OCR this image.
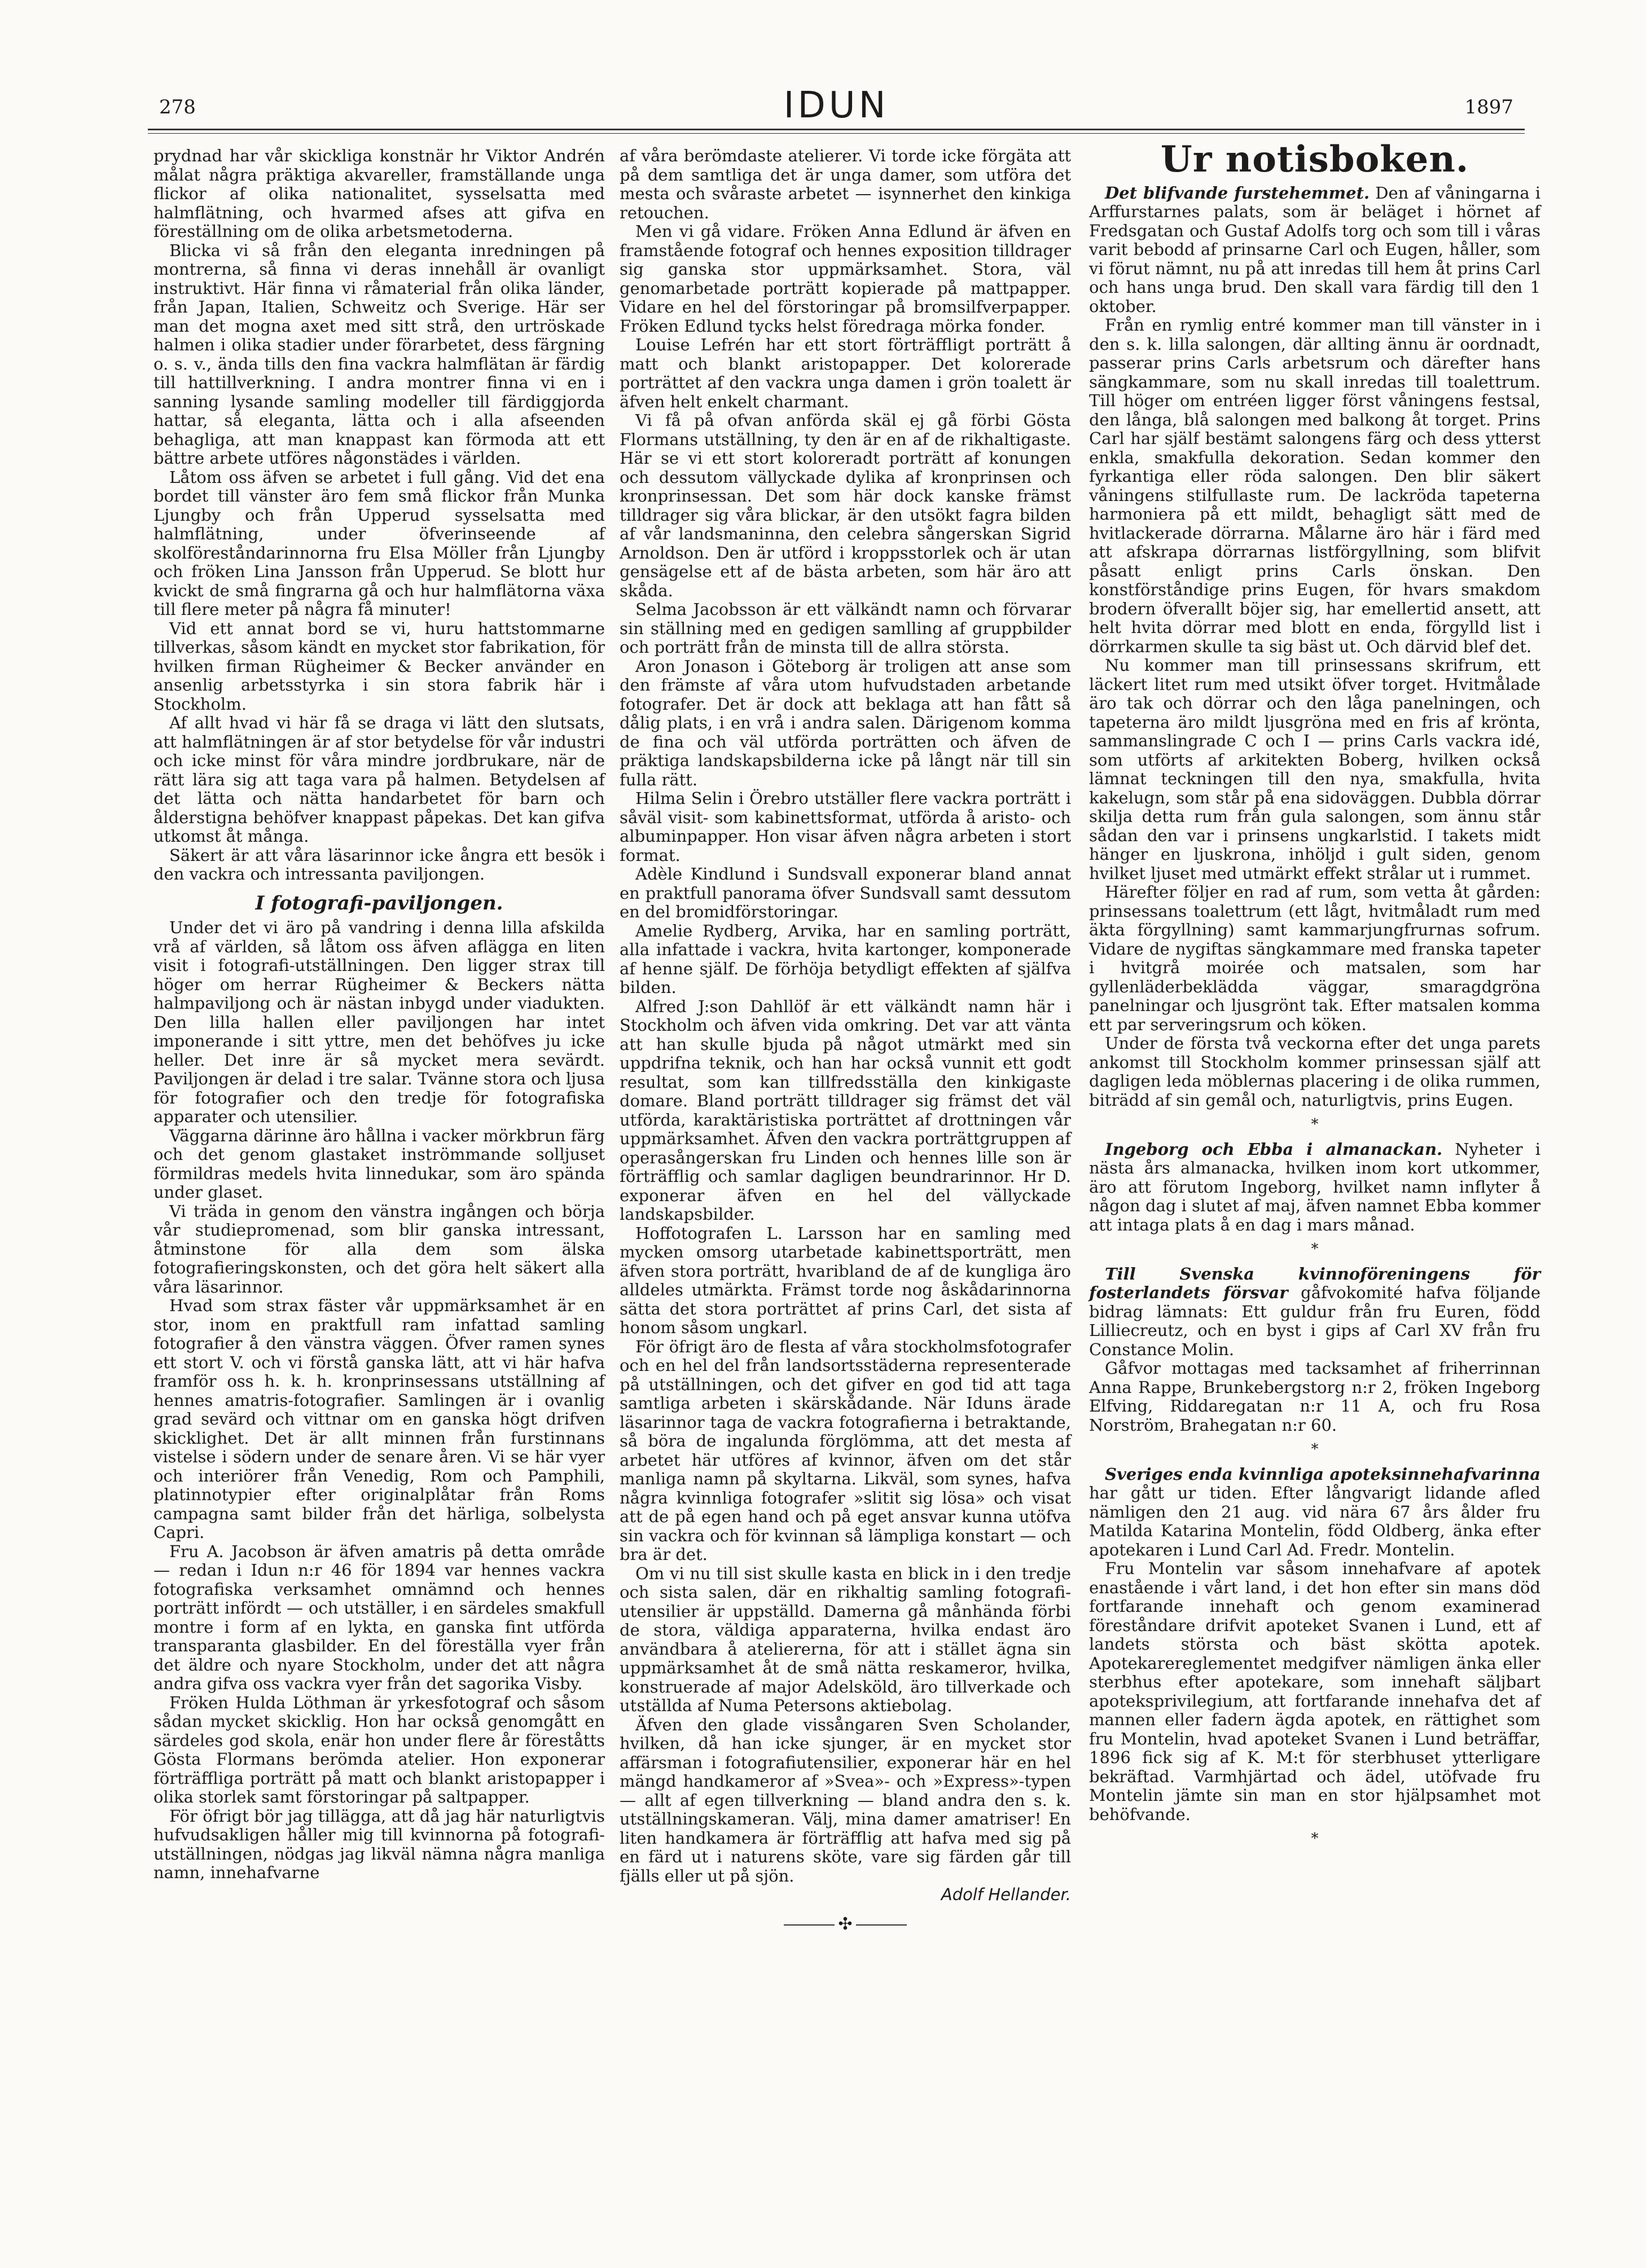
278	IDUN	1897

prydnad har vår skickliga konstnär hr Viktor Andrén målat några präktiga akvareller, framställande unga flickor af olika nationalitet, sysselsatta med halmflätning, och hvarmed afses att gifva en föreställning om de olika arbetsmetoderna.

Blicka vi så från den eleganta inredningen på montrerna, så finna vi deras innehåll är ovanligt instruktivt. Här finna vi råmaterial från olika länder, från Japan, Italien, Schweitz och Sverige. Här ser man det mogna axet med sitt strå, den urtröskade halmen i olika stadier under förarbetet, dess färgning o. s. v., ända tills den fina vackra halmflätan är färdig till hattillverkning. I andra montrer finna vi en i sanning lysande samling modeller till färdiggjorda hattar, så eleganta, lätta och i alla afseenden behagliga, att man knappast kan förmoda att ett bättre arbete utföres någonstädes i världen.

Låtom oss äfven se arbetet i full gång. Vid det ena bordet till vänster äro fem små flickor från Munka Ljungby och från Upperud sysselsatta med halmflätning, under öfverinseende af skolföreståndarinnorna fru Elsa Möller från Ljungby och fröken Lina Jansson från Upperud. Se blott hur kvickt de små fingrarna gå och hur halmflätorna växa till flere meter på några få minuter!

Vid ett annat bord se vi, huru hattstommarne tillverkas, såsom kändt en mycket stor fabrikation, för hvilken firman Rügheimer & Becker använder en ansenlig arbetsstyrka i sin stora fabrik här i Stockholm.

Af allt hvad vi här få se draga vi lätt den slutsats, att halmflätningen är af stor betydelse för vår industri och icke minst för våra mindre jordbrukare, när de rätt lära sig att taga vara på halmen. Betydelsen af det lätta och nätta handarbetet för barn och ålderstigna behöfver knappast påpekas. Det kan gifva utkomst åt många.

Säkert är att våra läsarinnor icke ångra ett besök i den vackra och intressanta paviljongen.

I fotografi-paviljongen.

Under det vi äro på vandring i denna lilla afskilda vrå af världen, så låtom oss äfven aflägga en liten visit i fotografi-utställningen. Den ligger strax till höger om herrar Rügheimer & Beckers nätta halmpaviljong och är nästan inbygd under viadukten. Den lilla hallen eller paviljongen har intet imponerande i sitt yttre, men det behöfves ju icke heller. Det inre är så mycket mera sevärdt. Paviljongen är delad i tre salar. Tvänne stora och ljusa för fotografier och den tredje för fotografiska apparater och utensilier.

Väggarna därinne äro hållna i vacker mörkbrun färg och det genom glastaket inströmmande solljuset förmildras medels hvita linnedukar, som äro spända under glaset.

Vi träda in genom den vänstra ingången och börja vår studiepromenad, som blir ganska intressant, åtminstone för alla dem som älska fotografieringskonsten, och det göra helt säkert alla våra läsarinnor.

Hvad som strax fäster vår uppmärksamhet är en stor, inom en praktfull ram infattad samling fotografier å den vänstra väggen. Öfver ramen synes ett stort V. och vi förstå ganska lätt, att vi här hafva framför oss h. k. h. kronprinsessans utställning af hennes amatris-fotografier. Samlingen är i ovanlig grad sevärd och vittnar om en ganska högt drifven skicklighet. Det är allt minnen från furstinnans vistelse i södern under de senare åren. Vi se här vyer och interiörer från Venedig, Rom och Pamphili, platinnotypier efter originalplåtar från Roms campagna samt bilder från det härliga, solbelysta Capri.

Fru A. Jacobson är äfven amatris på detta område — redan i Idun n:r 46 för 1894 var hennes vackra fotografiska verksamhet omnämnd och hennes porträtt infördt — och utställer, i en särdeles smakfull montre i form af en lykta, en ganska fint utförda transparanta glasbilder. En del föreställa vyer från det äldre och nyare Stockholm, under det att några andra gifva oss vackra vyer från det sagorika Visby.

Fröken Hulda Löthman är yrkesfotograf och såsom sådan mycket skicklig. Hon har också genomgått en särdeles god skola, enär hon under flere år föreståtts Gösta Flormans berömda atelier. Hon exponerar förträffliga porträtt på matt och blankt aristopapper i olika storlek samt förstoringar på saltpapper.

För öfrigt bör jag tillägga, att då jag här naturligtvis hufvudsakligen håller mig till kvinnorna på fotografi-utställningen, nödgas jag likväl nämna några manliga namn, innehafvarne

af våra berömdaste atelierer. Vi torde icke förgäta att på dem samtliga det är unga damer, som utföra det mesta och svåraste arbetet — isynnerhet den kinkiga retouchen.

Men vi gå vidare. Fröken Anna Edlund är äfven en framstående fotograf och hennes exposition tilldrager sig ganska stor uppmärksamhet. Stora, väl genomarbetade porträtt kopierade på mattpapper. Vidare en hel del förstoringar på bromsilfverpapper. Fröken Edlund tycks helst föredraga mörka fonder.

Louise Lefrén har ett stort förträffligt porträtt å matt och blankt aristopapper. Det kolorerade porträttet af den vackra unga damen i grön toalett är äfven helt enkelt charmant.

Vi få på ofvan anförda skäl ej gå förbi Gösta Flormans utställning, ty den är en af de rikhaltigaste. Här se vi ett stort koloreradt porträtt af konungen och dessutom vällyckade dylika af kronprinsen och kronprinsessan. Det som här dock kanske främst tilldrager sig våra blickar, är den utsökt fagra bilden af vår landsmaninna, den celebra sångerskan Sigrid Arnoldson. Den är utförd i kroppsstorlek och är utan gensägelse ett af de bästa arbeten, som här äro att skåda.

Selma Jacobsson är ett välkändt namn och förvarar sin ställning med en gedigen samlling af gruppbilder och porträtt från de minsta till de allra största.

Aron Jonason i Göteborg är troligen att anse som den främste af våra utom hufvudstaden arbetande fotografer. Det är dock att beklaga att han fått så dålig plats, i en vrå i andra salen. Därigenom komma de fina och väl utförda porträtten och äfven de präktiga landskapsbilderna icke på långt när till sin fulla rätt.

Hilma Selin i Örebro utställer flere vackra porträtt i såväl visit- som kabinettsformat, utförda å aristo- och albuminpapper. Hon visar äfven några arbeten i stort format.

Adèle Kindlund i Sundsvall exponerar bland annat en praktfull panorama öfver Sundsvall samt dessutom en del bromidförstoringar.

Amelie Rydberg, Arvika, har en samling porträtt, alla infattade i vackra, hvita kartonger, komponerade af henne själf. De förhöja betydligt effekten af själfva bilden.

Alfred J:son Dahllöf är ett välkändt namn här i Stockholm och äfven vida omkring. Det var att vänta att han skulle bjuda på något utmärkt med sin uppdrifna teknik, och han har också vunnit ett godt resultat, som kan tillfredsställa den kinkigaste domare. Bland porträtt tilldrager sig främst det väl utförda, karaktäristiska porträttet af drottningen vår uppmärksamhet. Äfven den vackra porträttgruppen af operasångerskan fru Linden och hennes lille son är förträfflig och samlar dagligen beundrarinnor. Hr D. exponerar äfven en hel del vällyckade landskapsbilder.

Hoffotografen L. Larsson har en samling med mycken omsorg utarbetade kabinettsporträtt, men äfven stora porträtt, hvaribland de af de kungliga äro alldeles utmärkta. Främst torde nog åskådarinnorna sätta det stora porträttet af prins Carl, det sista af honom såsom ungkarl.

För öfrigt äro de flesta af våra stockholmsfotografer och en hel del från landsortsstäderna representerade på utställningen, och det gifver en god tid att taga samtliga arbeten i skärskådande. När Iduns ärade läsarinnor taga de vackra fotografierna i betraktande, så böra de ingalunda förglömma, att det mesta af arbetet här utföres af kvinnor, äfven om det står manliga namn på skyltarna. Likväl, som synes, hafva några kvinnliga fotografer »slitit sig lösa» och visat att de på egen hand och på eget ansvar kunna utöfva sin vackra och för kvinnan så lämpliga konstart — och bra är det.

Om vi nu till sist skulle kasta en blick in i den tredje och sista salen, där en rikhaltig samling fotografi-utensilier är uppställd. Damerna gå månhända förbi de stora, väldiga apparaterna, hvilka endast äro användbara å ateliererna, för att i stället ägna sin uppmärksamhet åt de små nätta reskameror, hvilka, konstruerade af major Adelsköld, äro tillverkade och utställda af Numa Petersons aktiebolag.

Äfven den glade vissångaren Sven Scholander, hvilken, då han icke sjunger, är en mycket stor affärsman i fotografiutensilier, exponerar här en hel mängd handkameror af »Svea»- och »Express»-typen — allt af egen tillverkning — bland andra den s. k. utställningskameran. Välj, mina damer amatriser! En liten handkamera är förträfflig att hafva med sig på en färd ut i naturens sköte, vare sig färden går till fjälls eller ut på sjön.

Adolf Hellander.

✣
Ur notisboken.

Det blifvande furstehemmet. Den af våningarna i Arffurstarnes palats, som är beläget i hörnet af Fredsgatan och Gustaf Adolfs torg och som till i våras varit bebodd af prinsarne Carl och Eugen, håller, som vi förut nämnt, nu på att inredas till hem åt prins Carl och hans unga brud. Den skall vara färdig till den 1 oktober.

Från en rymlig entré kommer man till vänster in i den s. k. lilla salongen, där allting ännu är oordnadt, passerar prins Carls arbetsrum och därefter hans sängkammare, som nu skall inredas till toalettrum. Till höger om entréen ligger först våningens festsal, den långa, blå salongen med balkong åt torget. Prins Carl har själf bestämt salongens färg och dess ytterst enkla, smakfulla dekoration. Sedan kommer den fyrkantiga eller röda salongen. Den blir säkert våningens stilfullaste rum. De lackröda tapeterna harmoniera på ett mildt, behagligt sätt med de hvitlackerade dörrarna. Målarne äro här i färd med att afskrapa dörrarnas listförgyllning, som blifvit påsatt enligt prins Carls önskan. Den konstförståndige prins Eugen, för hvars smakdom brodern öfverallt böjer sig, har emellertid ansett, att helt hvita dörrar med blott en enda, förgylld list i dörrkarmen skulle ta sig bäst ut. Och därvid blef det.

Nu kommer man till prinsessans skrifrum, ett läckert litet rum med utsikt öfver torget. Hvitmålade äro tak och dörrar och den låga panelningen, och tapeterna äro mildt ljusgröna med en fris af krönta, sammanslingrade C och I — prins Carls vackra idé, som utförts af arkitekten Boberg, hvilken också lämnat teckningen till den nya, smakfulla, hvita kakelugn, som står på ena sidoväggen. Dubbla dörrar skilja detta rum från gula salongen, som ännu står sådan den var i prinsens ungkarlstid. I takets midt hänger en ljuskrona, inhöljd i gult siden, genom hvilket ljuset med utmärkt effekt strålar ut i rummet.

Härefter följer en rad af rum, som vetta åt gården: prinsessans toalettrum (ett lågt, hvitmåladt rum med äkta förgyllning) samt kammarjungfrurnas sofrum. Vidare de nygiftas sängkammare med franska tapeter i hvitgrå moirée och matsalen, som har gyllenläderbeklädda väggar, smaragdgröna panelningar och ljusgrönt tak. Efter matsalen komma ett par serveringsrum och köken.

Under de första två veckorna efter det unga parets ankomst till Stockholm kommer prinsessan själf att dagligen leda möblernas placering i de olika rummen, biträdd af sin gemål och, naturligtvis, prins Eugen.

*

Ingeborg och Ebba i almanackan. Nyheter i nästa års almanacka, hvilken inom kort utkommer, äro att förutom Ingeborg, hvilket namn inflyter å någon dag i slutet af maj, äfven namnet Ebba kommer att intaga plats å en dag i mars månad.

*

Till Svenska kvinnoföreningens för fosterlandets försvar gåfvokomité hafva följande bidrag lämnats: Ett guldur från fru Euren, född Lilliecreutz, och en byst i gips af Carl XV från fru Constance Molin.

Gåfvor mottagas med tacksamhet af friherrinnan Anna Rappe, Brunkebergstorg n:r 2, fröken Ingeborg Elfving, Riddaregatan n:r 11 A, och fru Rosa Norström, Brahegatan n:r 60.

*

Sveriges enda kvinnliga apoteksinnehafvarinna har gått ur tiden. Efter långvarigt lidande afled nämligen den 21 aug. vid nära 67 års ålder fru Matilda Katarina Montelin, född Oldberg, änka efter apotekaren i Lund Carl Ad. Fredr. Montelin.

Fru Montelin var såsom innehafvare af apotek enastående i vårt land, i det hon efter sin mans död fortfarande innehaft och genom examinerad föreståndare drifvit apoteket Svanen i Lund, ett af landets största och bäst skötta apotek. Apotekarereglementet medgifver nämligen änka eller sterbhus efter apotekare, som innehaft säljbart apoteksprivilegium, att fortfarande innehafva det af mannen eller fadern ägda apotek, en rättighet som fru Montelin, hvad apoteket Svanen i Lund beträffar, 1896 fick sig af K. M:t för sterbhuset ytterligare bekräftad. Varmhjärtad och ädel, utöfvade fru Montelin jämte sin man en stor hjälpsamhet mot behöfvande.

*
